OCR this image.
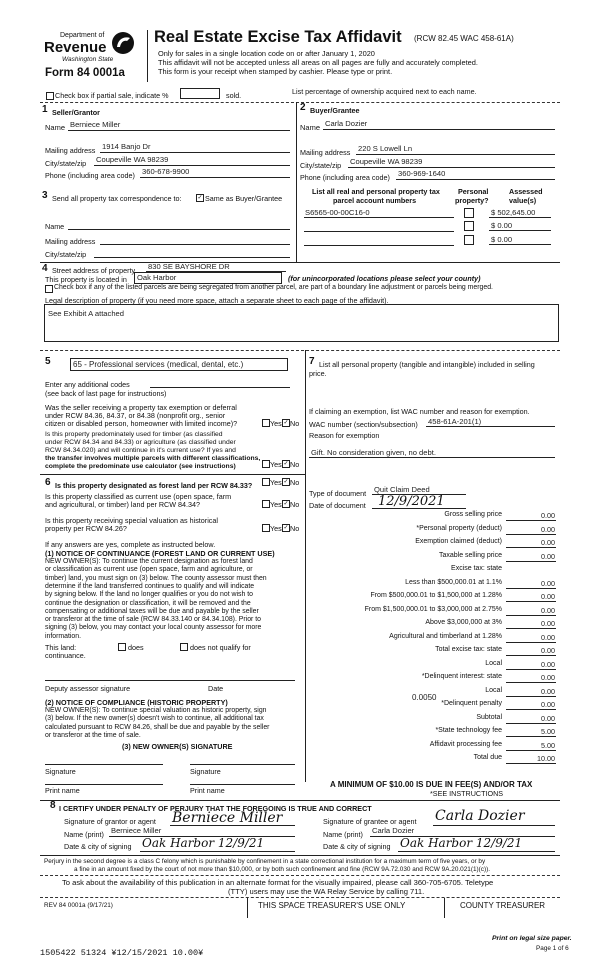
Department of
Revenue
Washington State
Form 84 0001a
Real Estate Excise Tax Affidavit (RCW 82.45 WAC 458-61A)
Only for sales in a single location code on or after January 1, 2020
This affidavit will not be accepted unless all areas on all pages are fully and accurately completed.
This form is your receipt when stamped by cashier. Please type or print.
Check box if partial sale, indicate %	sold.	List percentage of ownership acquired next to each name.
1 Seller/Grantor
Name Berniece Miller
Mailing address 1914 Banjo Dr
City/state/zip Coupeville WA 98239
Phone (including area code) 360-678-9900
2 Buyer/Grantee
Name Carla Dozier
Mailing address 220 S Lowell Ln
City/state/zip Coupeville WA 98239
Phone (including area code) 360-969-1640
3 Send all property tax correspondence to:	✓ Same as Buyer/Grantee
Name
Mailing address
City/state/zip
List all real and personal property tax
parcel account numbers
Personal
property?
Assessed
value(s)
S6565-00-00C16-0	$ 502,645.00
$ 0.00
$ 0.00
4 Street address of property 830 SE BAYSHORE DR
This property is located in Oak Harbor	(for unincorporated locations please select your county)
Check box if any of the listed parcels are being segregated from another parcel, are part of a boundary line adjustment or parcels being merged.
Legal description of property (if you need more space, attach a separate sheet to each page of the affidavit).
See Exhibit A attached
5	65 - Professional services (medical, dental, etc.)
Enter any additional codes
(see back of last page for instructions)
Was the seller receiving a property tax exemption or deferral
under RCW 84.36, 84.37, or 84.38 (nonprofit org., senior
citizen or disabled person, homeowner with limited income)?	Yes ✓ No
Is this property predominately used for timber (as classified
under RCW 84.34 and 84.33) or agriculture (as classified under
RCW 84.34.020) and will continue in it's current use? If yes and
the transfer involves multiple parcels with different classifications,
complete the predominate use calculator (see instructions)	Yes ✓ No
6 Is this property designated as forest land per RCW 84.33? Yes ✓ No
Is this property classified as current use (open space, farm
and agricultural, or timber) land per RCW 84.34?	Yes ✓ No
Is this property receiving special valuation as historical
property per RCW 84.26?	Yes ✓ No
If any answers are yes, complete as instructed below.
(1) NOTICE OF CONTINUANCE (FOREST LAND OR CURRENT USE)
NEW OWNER(S): To continue the current designation as forest land
or classification as current use (open space, farm and agriculture, or
timber) land, you must sign on (3) below. The county assessor must then
determine if the land transferred continues to qualify and will indicate
by signing below. If the land no longer qualifies or you do not wish to
continue the designation or classification, it will be removed and the
compensating or additional taxes will be due and payable by the seller
or transferor at the time of sale (RCW 84.33.140 or 84.34.108). Prior to
signing (3) below, you may contact your local county assessor for more
information.
This land:	does	does not qualify for
continuance.
Deputy assessor signature	Date
(2) NOTICE OF COMPLIANCE (HISTORIC PROPERTY)
NEW OWNER(S): To continue special valuation as historic property, sign
(3) below. If the new owner(s) doesn't wish to continue, all additional tax
calculated pursuant to RCW 84.26, shall be due and payable by the seller
or transferor at the time of sale.
(3) NEW OWNER(S) SIGNATURE
Signature	Signature
Print name	Print name
7 List all personal property (tangible and intangible) included in selling
price.
If claiming an exemption, list WAC number and reason for exemption.
WAC number (section/subsection) 458-61A-201(1)
Reason for exemption
Gift. No consideration given, no debt.
Type of document Quit Claim Deed
Date of document 12/9/2021
Gross selling price	0.00
*Personal property (deduct)	0.00
Exemption claimed (deduct)	0.00
Taxable selling price	0.00
Excise tax: state
Less than $500,000.01 at 1.1%	0.00
From $500,000.01 to $1,500,000 at 1.28%	0.00
From $1,500,000.01 to $3,000,000 at 2.75%	0.00
Above $3,000,000 at 3%	0.00
Agricultural and timberland at 1.28%	0.00
Total excise tax: state	0.00
Local	0.00
*Delinquent interest: state	0.00
Local	0.00
*Delinquent penalty	0.00
Subtotal	0.00
*State technology fee	5.00
Affidavit processing fee	5.00
Total due	10.00
0.0050
A MINIMUM OF $10.00 IS DUE IN FEE(S) AND/OR TAX
*SEE INSTRUCTIONS
8 I CERTIFY UNDER PENALTY OF PERJURY THAT THE FOREGOING IS TRUE AND CORRECT
Signature of grantor or agent Berniece Miller
Name (print) Berniece Miller
Date & city of signing Oak Harbor 12/9/21
Signature of grantee or agent Carla Dozier
Name (print) Carla Dozier
Date & city of signing Oak Harbor 12/9/21
Perjury in the second degree is a class C felony which is punishable by confinement in a state correctional institution for a maximum term of five years, or by
a fine in an amount fixed by the court of not more than $10,000, or by both such confinement and fine (RCW 9A.72.030 and RCW 9A.20.021(1)(c)).
To ask about the availability of this publication in an alternate format for the visually impaired, please call 360-705-6705. Teletype
(TTY) users may use the WA Relay Service by calling 711.
REV 84 0001a (9/17/21)	THIS SPACE TREASURER'S USE ONLY	COUNTY TREASURER
1505422 51324 ¥12/15/2021 10.00¥
Print on legal size paper.
Page 1 of 6
